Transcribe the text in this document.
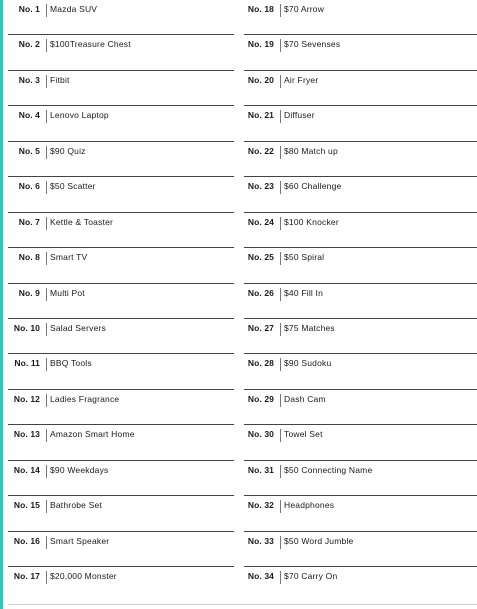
No. 1	Mazda SUV
No. 2	$100Treasure Chest
No. 3	Fitbit
No. 4	Lenovo Laptop
No. 5	$90 Quiz
No. 6	$50 Scatter
No. 7	Kettle & Toaster
No. 8	Smart TV
No. 9	Multi Pot
No. 10	Salad Servers
No. 11	BBQ Tools
No. 12	Ladies Fragrance
No. 13	Amazon Smart Home
No. 14	$90 Weekdays
No. 15	Bathrobe Set
No. 16	Smart Speaker
No. 17	$20,000 Monster
No. 18	$70 Arrow
No. 19	$70 Sevenses
No. 20	Air Fryer
No. 21	Diffuser
No. 22	$80 Match up
No. 23	$60 Challenge
No. 24	$100 Knocker
No. 25	$50 Spiral
No. 26	$40 Fill In
No. 27	$75 Matches
No. 28	$90 Sudoku
No. 29	Dash Cam
No. 30	Towel Set
No. 31	$50 Connecting Name
No. 32	Headphones
No. 33	$50 Word Jumble
No. 34	$70 Carry On
